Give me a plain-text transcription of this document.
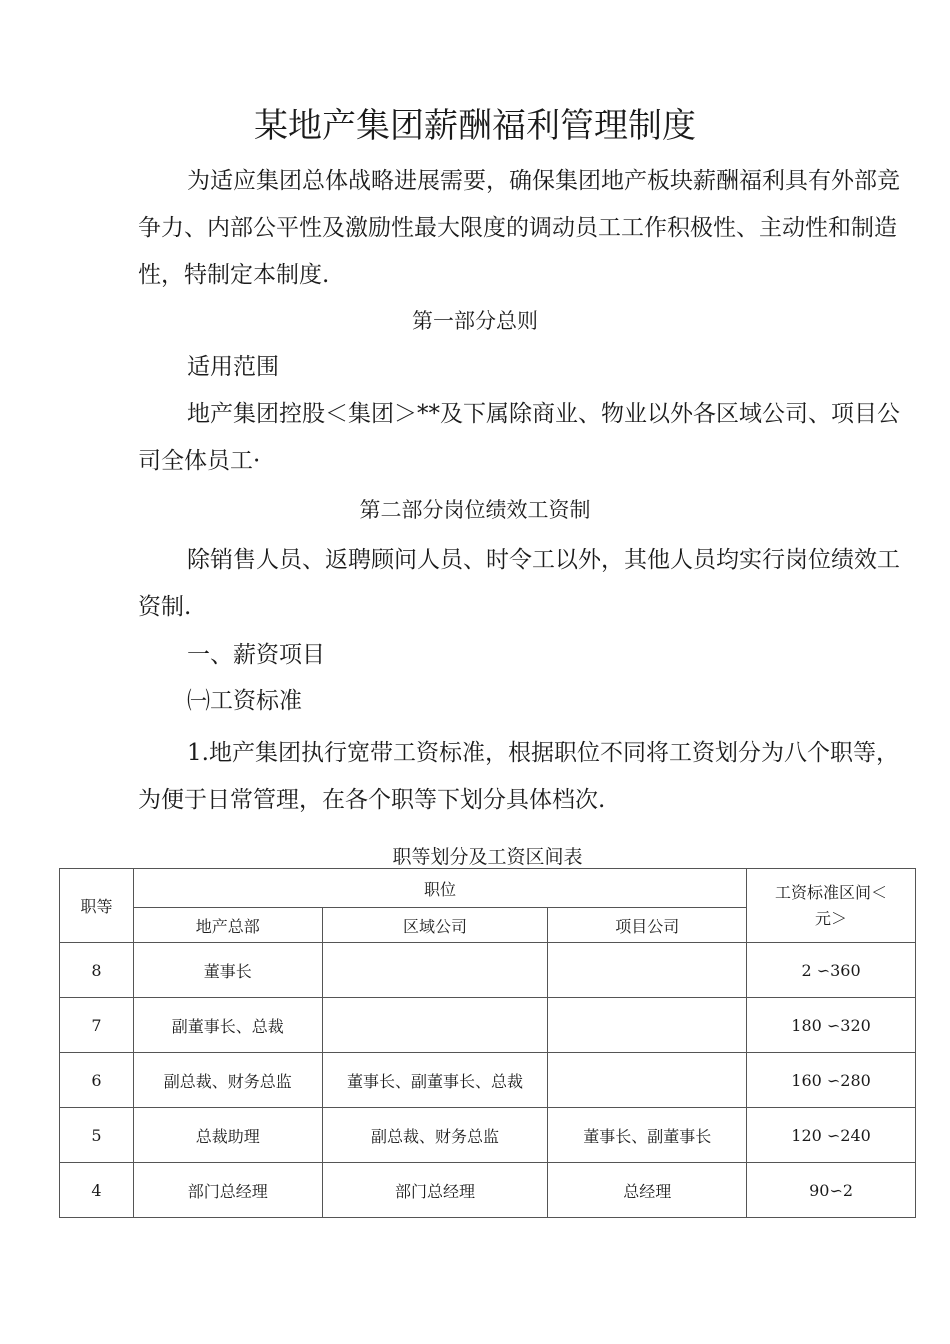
某地产集团薪酬福利管理制度
为适应集团总体战略进展需要，确保集团地产板块薪酬福利具有外部竞争力、内部公平性及激励性最大限度的调动员工工作积极性、主动性和制造性，特制定本制度.
第一部分总则
适用范围
地产集团控股＜集团＞**及下属除商业、物业以外各区域公司、项目公司全体员工·
第二部分岗位绩效工资制
除销售人员、返聘顾问人员、时令工以外，其他人员均实行岗位绩效工资制.
一、薪资项目
㈠工资标准
1.地产集团执行宽带工资标准，根据职位不同将工资划分为八个职等，为便于日常管理，在各个职等下划分具体档次.
职等划分及工资区间表
职等	职位			工资标准区间＜元＞
	地产总部	区域公司	项目公司	
8	董事长			2 ∽360
7	副董事长、总裁			180 ∽320
6	副总裁、财务总监	董事长、副董事长、总裁		160 ∽280
5	总裁助理	副总裁、财务总监	董事长、副董事长	120 ∽240
4	部门总经理	部门总经理	总经理	90∽2
